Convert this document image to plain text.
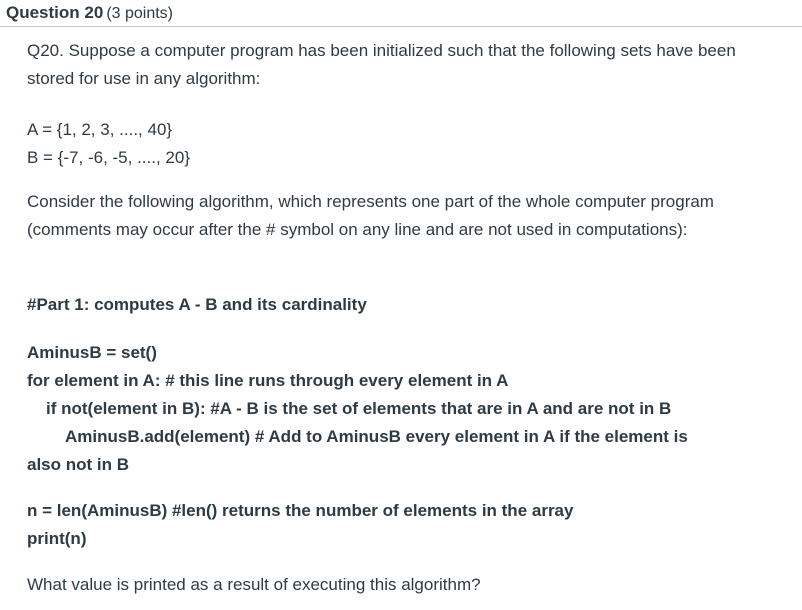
Question 20 (3 points)

Q20. Suppose a computer program has been initialized such that the following sets have been stored for use in any algorithm:

A = {1, 2, 3, ...., 40}
B = {-7, -6, -5, ...., 20}

Consider the following algorithm, which represents one part of the whole computer program (comments may occur after the # symbol on any line and are not used in computations):

#Part 1: computes A - B and its cardinality
AminusB = set()
for element in A: # this line runs through every element in A
if not(element in B): #A - B is the set of elements that are in A and are not in B
AminusB.add(element) # Add to AminusB every element in A if the element is
also not in B
n = len(AminusB) #len() returns the number of elements in the array
print(n)

What value is printed as a result of executing this algorithm?
